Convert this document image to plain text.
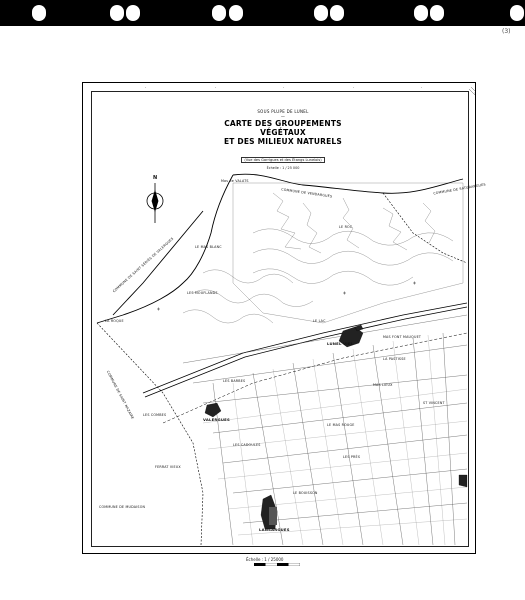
(3)
·	·	·	·	·
SOUS PLUPE DE LUNEL
—
CARTE DES GROUPEMENTS VÉGÉTAUX
ET DES MILIEUX NATURELS
(Vue des Garrigues et des Étangs Lunelois)
Échelle : 1 / 25 000
N
COMMUNE DE VENDARGUES	COMMUNE DE SATURARGUES
COMMUNE DE SAINT SÉRIÈS DE VALERGUES
COMMUNE DE SAINT NAZAIRE
COMMUNE DE MUDAISON
LUNEL VIEL
VALERGUES
LANSARGUES
LA ROQUE
Mas de VALATS
LE MAS BLANC
LES MOUFLANDS
LES BARBES
LES COMBES
FERRAT VIEUX
LE MAS ROUGE
MAS LIEUX
LA PASTISSE
MAS FONT MAUQUET
ST VINCENT
LES PRÉS
LE BOUISSON
LES CADOULES
LE ROC
LE LAC
Échelle : 1 / 25000
